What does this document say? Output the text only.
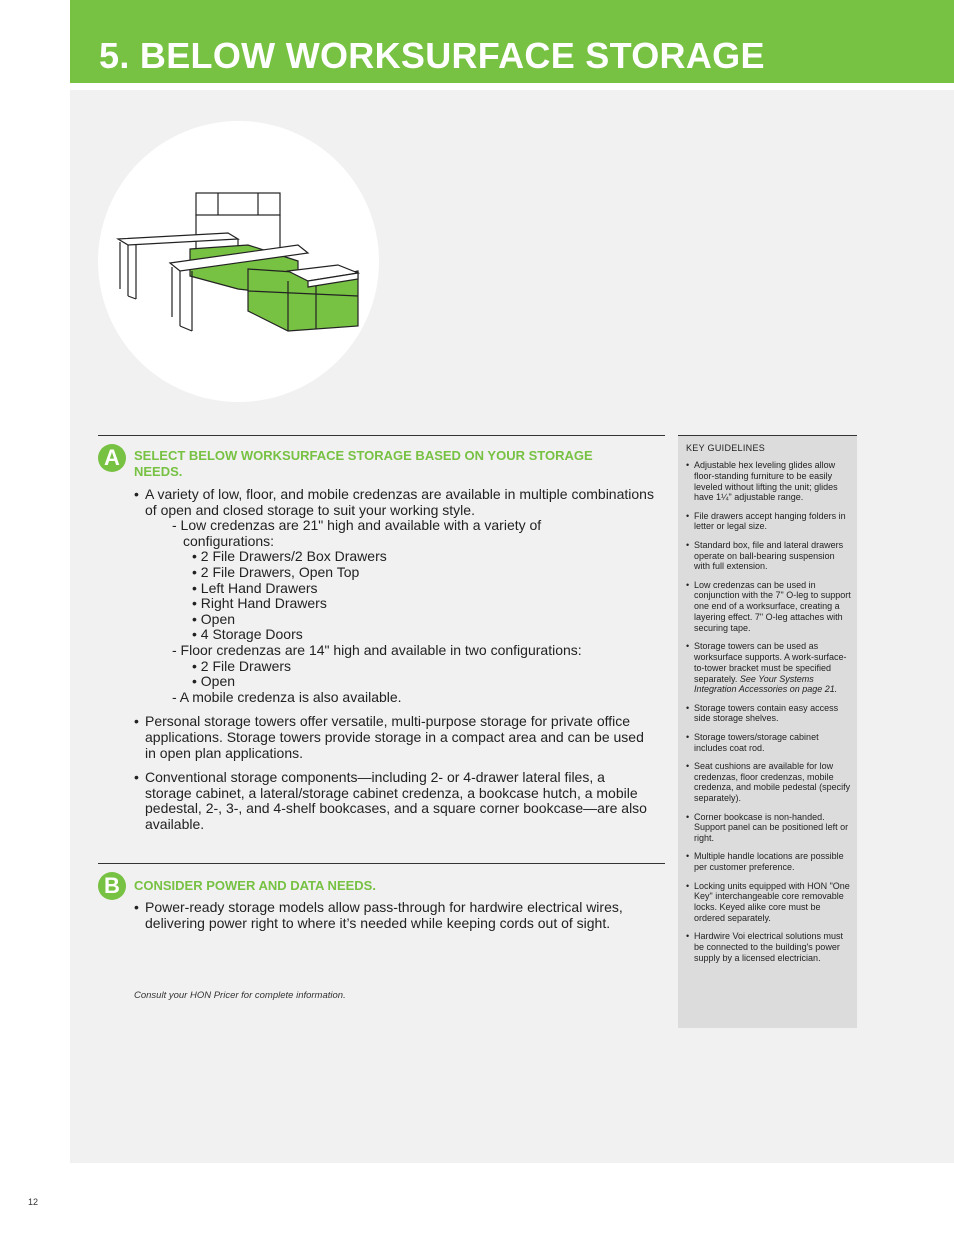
5. BELOW WORKSURFACE STORAGE
A	SELECT BELOW WORKSURFACE STORAGE BASED ON YOUR STORAGE NEEDS.

• A variety of low, floor, and mobile credenzas are available in multiple combinations of open and closed storage to suit your working style.

- Low credenzas are 21" high and available with a variety of configurations:
• 2 File Drawers/2 Box Drawers
• 2 File Drawers, Open Top
• Left Hand Drawers
• Right Hand Drawers
• Open
• 4 Storage Doors
- Floor credenzas are 14" high and available in two configurations:
• 2 File Drawers
• Open
- A mobile credenza is also available.

• Personal storage towers offer versatile, multi-purpose storage for private office applications. Storage towers provide storage in a compact area and can be used in open plan applications.

• Conventional storage components—including 2- or 4-drawer lateral files, a storage cabinet, a lateral/storage cabinet credenza, a bookcase hutch, a mobile pedestal, 2-, 3-, and 4-shelf bookcases, and a square corner bookcase—are also available.

B	CONSIDER POWER AND DATA NEEDS.

• Power-ready storage models allow pass-through for hardwire electrical wires, delivering power right to where it’s needed while keeping cords out of sight.

Consult your HON Pricer for complete information.
KEY GUIDELINES
• Adjustable hex leveling glides allow floor-standing furniture to be easily leveled without lifting the unit; glides have 1¼" adjustable range.
• File drawers accept hanging folders in letter or legal size.
• Standard box, file and lateral drawers operate on ball-bearing suspension with full extension.
• Low credenzas can be used in conjunction with the 7" O-leg to support one end of a worksurface, creating a layering effect. 7" O-leg attaches with securing tape.
• Storage towers can be used as worksurface supports. A work-surface-to-tower bracket must be specified separately. See Your Systems Integration Accessories on page 21.
• Storage towers contain easy access side storage shelves.
• Storage towers/storage cabinet includes coat rod.
• Seat cushions are available for low credenzas, floor credenzas, mobile credenza, and mobile pedestal (specify separately).
• Corner bookcase is non-handed. Support panel can be positioned left or right.
• Multiple handle locations are possible per customer preference.
• Locking units equipped with HON "One Key" interchangeable core removable locks. Keyed alike core must be ordered separately.
• Hardwire Voi electrical solutions must be connected to the building's power supply by a licensed electrician.
12
